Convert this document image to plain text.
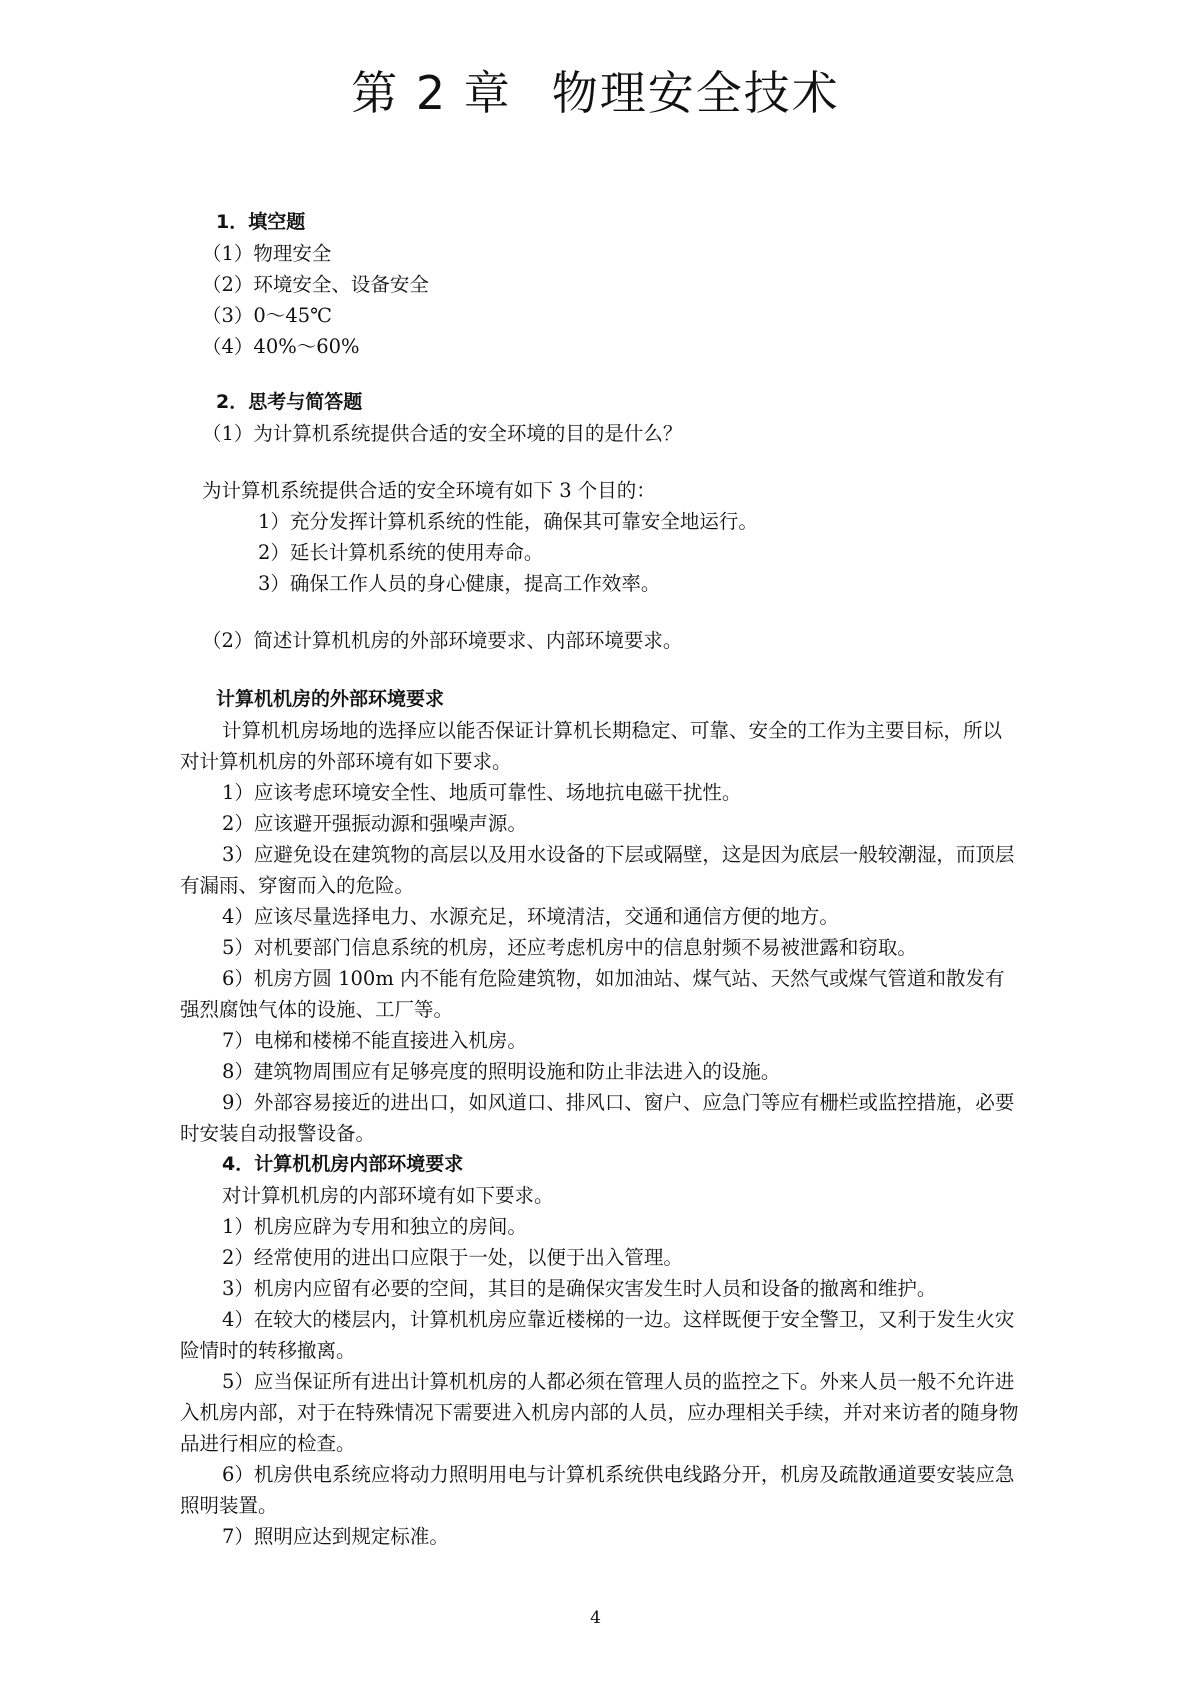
第 2 章 物理安全技术

1．填空题

（1）物理安全

（2）环境安全、设备安全

（3）0～45℃

（4）40%～60%

2．思考与简答题

（1）为计算机系统提供合适的安全环境的目的是什么？

为计算机系统提供合适的安全环境有如下 3 个目的：

1）充分发挥计算机系统的性能，确保其可靠安全地运行。

2）延长计算机系统的使用寿命。

3）确保工作人员的身心健康，提高工作效率。

（2）简述计算机机房的外部环境要求、内部环境要求。

计算机机房的外部环境要求

计算机机房场地的选择应以能否保证计算机长期稳定、可靠、安全的工作为主要目标，所以对计算机机房的外部环境有如下要求。

1）应该考虑环境安全性、地质可靠性、场地抗电磁干扰性。

2）应该避开强振动源和强噪声源。

3）应避免设在建筑物的高层以及用水设备的下层或隔壁，这是因为底层一般较潮湿，而顶层有漏雨、穿窗而入的危险。

4）应该尽量选择电力、水源充足，环境清洁，交通和通信方便的地方。

5）对机要部门信息系统的机房，还应考虑机房中的信息射频不易被泄露和窃取。

6）机房方圆 100m 内不能有危险建筑物，如加油站、煤气站、天然气或煤气管道和散发有强烈腐蚀气体的设施、工厂等。

7）电梯和楼梯不能直接进入机房。

8）建筑物周围应有足够亮度的照明设施和防止非法进入的设施。

9）外部容易接近的进出口，如风道口、排风口、窗户、应急门等应有栅栏或监控措施，必要时安装自动报警设备。

4．计算机机房内部环境要求

对计算机机房的内部环境有如下要求。

1）机房应辟为专用和独立的房间。

2）经常使用的进出口应限于一处，以便于出入管理。

3）机房内应留有必要的空间，其目的是确保灾害发生时人员和设备的撤离和维护。

4）在较大的楼层内，计算机机房应靠近楼梯的一边。这样既便于安全警卫，又利于发生火灾险情时的转移撤离。

5）应当保证所有进出计算机机房的人都必须在管理人员的监控之下。外来人员一般不允许进入机房内部，对于在特殊情况下需要进入机房内部的人员，应办理相关手续，并对来访者的随身物品进行相应的检查。

6）机房供电系统应将动力照明用电与计算机系统供电线路分开，机房及疏散通道要安装应急照明装置。

7）照明应达到规定标准。

4
